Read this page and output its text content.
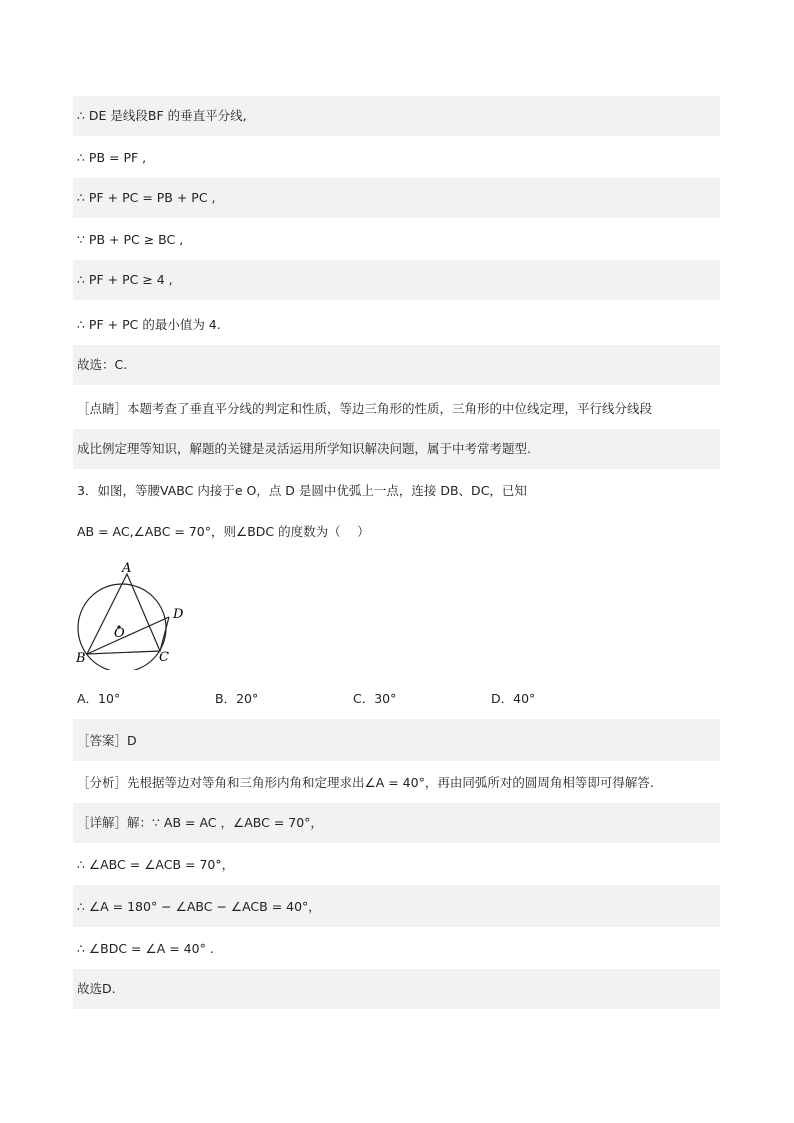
∴ DE 是线段BF 的垂直平分线,
∴ PB = PF ,
∴ PF + PC = PB + PC ,
∵ PB + PC ≥ BC ,
∴ PF + PC ≥ 4 ,
∴ PF + PC 的最小值为 4.
故选：C.
［点睛］本题考查了垂直平分线的判定和性质，等边三角形的性质，三角形的中位线定理，平行线分线段
成比例定理等知识，解题的关键是灵活运用所学知识解决问题，属于中考常考题型.
3．如图，等腰VABC 内接于e O，点 D 是圆中优弧上一点，连接 DB、DC，已知
AB = AC,∠ABC = 70°，则∠BDC 的度数为（　 ）
A
B	C
D
O
A．10°	B．20°	C．30°	D．40°
［答案］D
［分析］先根据等边对等角和三角形内角和定理求出∠A = 40°，再由同弧所对的圆周角相等即可得解答.
［详解］解：∵ AB = AC ，∠ABC = 70°，
∴ ∠ABC = ∠ACB = 70°，
∴ ∠A = 180° − ∠ABC − ∠ACB = 40°，
∴ ∠BDC = ∠A = 40° .
故选D.
